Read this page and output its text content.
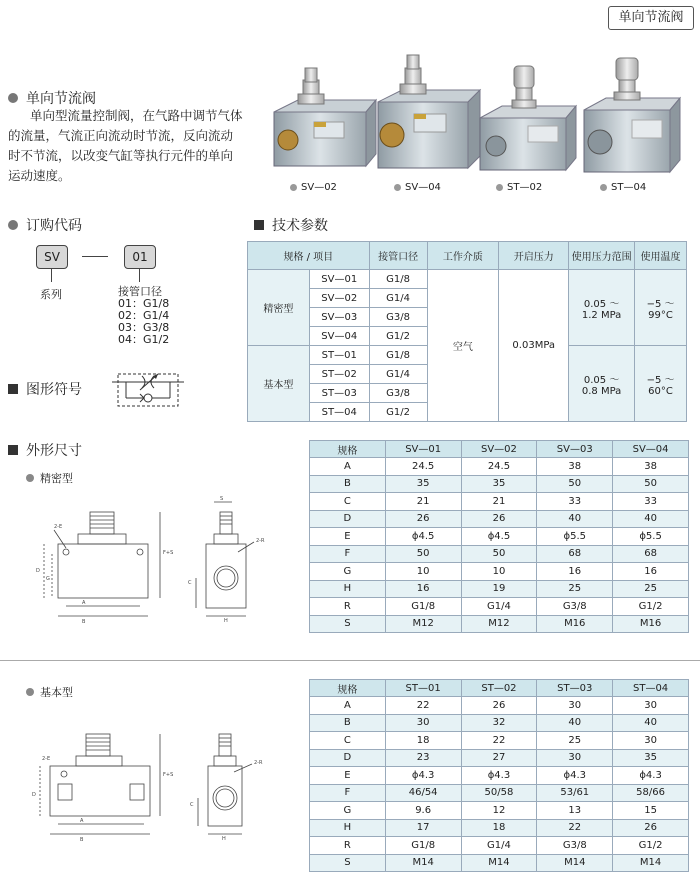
单向节流阀
单向节流阀
单向型流量控制阀，在气路中调节气体
的流量，气流正向流动时节流，反向流动
时不节流，以改变气缸等执行元件的单向
运动速度。
SV—02	SV—04	ST—02	ST—04
订购代码
SV	01
系列	接管口径
01：G1/8
02：G1/4
03：G3/8
04：G1/2
图形符号
技术参数
规格 / 项目		接管口径	工作介质	开启压力	使用压力范围	使用温度
精密型	SV—01	G1/8	空气	0.03MPa	0.05 ～ 1.2 MPa	−5 ～ 99°C
	SV—02	G1/4				
	SV—03	G3/8				
	SV—04	G1/2				
基本型	ST—01	G1/8			0.05 ～ 0.8 MPa	−5 ～ 60°C
	ST—02	G1/4				
	ST—03	G3/8				
	ST—04	G1/2				
外形尺寸
精密型
2-E
D
G
A
B
F+S
2-R
C
S
H
规格	SV—01	SV—02	SV—03	SV—04
A	24.5	24.5	38	38
B	35	35	50	50
C	21	21	33	33
D	26	26	40	40
E	ϕ4.5	ϕ4.5	ϕ5.5	ϕ5.5
F	50	50	68	68
G	10	10	16	16
H	16	19	25	25
R	G1/8	G1/4	G3/8	G1/2
S	M12	M12	M16	M16
基本型
2-E
D
A
B
F+S
2-R
C
H
规格	ST—01	ST—02	ST—03	ST—04
A	22	26	30	30
B	30	32	40	40
C	18	22	25	30
D	23	27	30	35
E	ϕ4.3	ϕ4.3	ϕ4.3	ϕ4.3
F	46/54	50/58	53/61	58/66
G	9.6	12	13	15
H	17	18	22	26
R	G1/8	G1/4	G3/8	G1/2
S	M14	M14	M14	M14
